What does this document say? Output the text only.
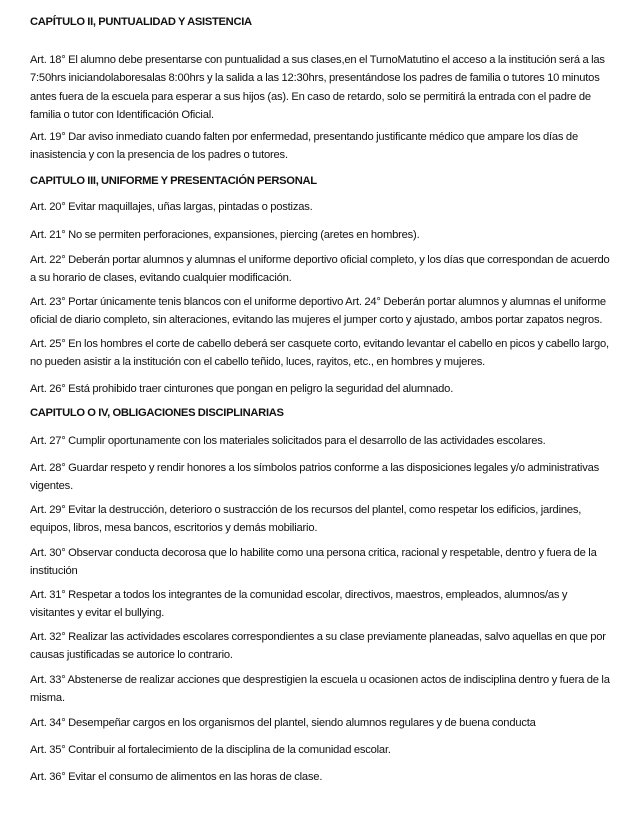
CAPÍTULO II, PUNTUALIDAD Y ASISTENCIA
Art. 18° El alumno debe presentarse con puntualidad a sus clases,en el TurnoMatutino el acceso a la institución será a las 7:50hrs iniciandolaboresalas 8:00hrs y la salida a las 12:30hrs, presentándose los padres de familia o tutores 10 minutos antes fuera de la escuela para esperar a sus hijos (as). En caso de retardo, solo se permitirá la entrada con el padre de familia o tutor con Identificación Oficial.
Art. 19° Dar aviso inmediato cuando falten por enfermedad, presentando justificante médico que ampare los días de inasistencia y con la presencia de los padres o tutores.
CAPITULO III, UNIFORME Y PRESENTACIÓN PERSONAL
Art. 20° Evitar maquillajes, uñas largas, pintadas o postizas.
Art. 21° No se permiten perforaciones, expansiones, piercing (aretes en hombres).
Art. 22° Deberán portar alumnos y alumnas el uniforme deportivo oficial completo, y los días que correspondan de acuerdo a su horario de clases, evitando cualquier modificación.
Art. 23° Portar únicamente tenis blancos con el uniforme deportivo Art. 24° Deberán portar alumnos y alumnas el uniforme oficial de diario completo, sin alteraciones, evitando las mujeres el jumper corto y ajustado, ambos portar zapatos negros.
Art. 25° En los hombres el corte de cabello deberá ser casquete corto, evitando levantar el cabello en picos y cabello largo, no pueden asistir a la institución con el cabello teñido, luces, rayitos, etc., en hombres y mujeres.
Art. 26° Está prohibido traer cinturones que pongan en peligro la seguridad del alumnado.
CAPITULO O IV, OBLIGACIONES DISCIPLINARIAS
Art. 27° Cumplir oportunamente con los materiales solicitados para el desarrollo de las actividades escolares.
Art. 28° Guardar respeto y rendir honores a los símbolos patrios conforme a las disposiciones legales y/o administrativas vigentes.
Art. 29° Evitar la destrucción, deterioro o sustracción de los recursos del plantel, como respetar los edificios, jardines, equipos, libros, mesa bancos, escritorios y demás mobiliario.
Art. 30° Observar conducta decorosa que lo habilite como una persona critica, racional y respetable, dentro y fuera de la institución
Art. 31° Respetar a todos los integrantes de la comunidad escolar, directivos, maestros, empleados, alumnos/as y visitantes y evitar el bullying.
Art. 32° Realizar las actividades escolares correspondientes a su clase previamente planeadas, salvo aquellas en que por causas justificadas se autorice lo contrario.
Art. 33° Abstenerse de realizar acciones que desprestigien la escuela u ocasionen actos de indisciplina dentro y fuera de la misma.
Art. 34° Desempeñar cargos en los organismos del plantel, siendo alumnos regulares y de buena conducta
Art. 35° Contribuir al fortalecimiento de la disciplina de la comunidad escolar.
Art. 36° Evitar el consumo de alimentos en las horas de clase.
